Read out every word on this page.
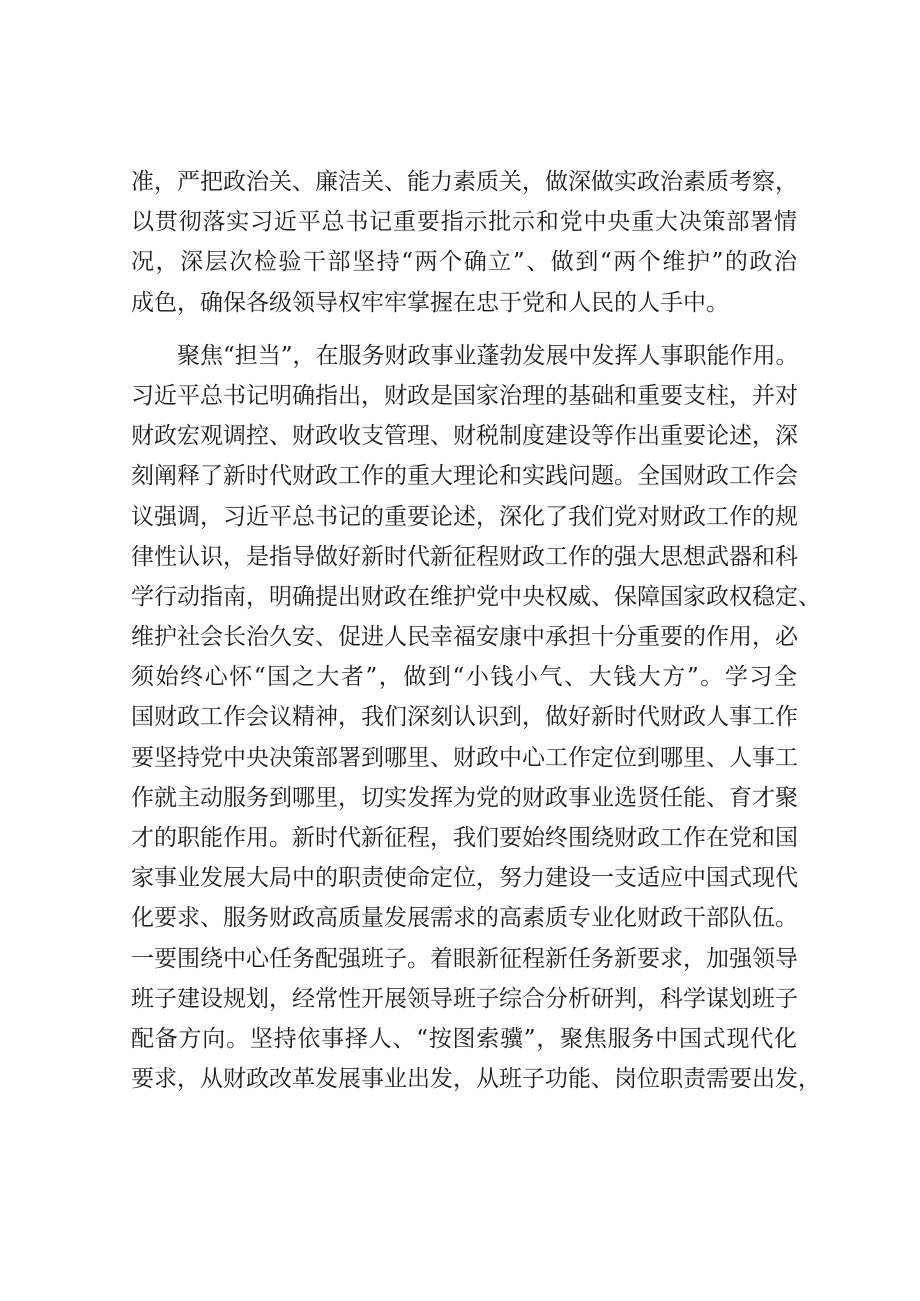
准，严把政治关、廉洁关、能力素质关，做深做实政治素质考察，
以贯彻落实习近平总书记重要指示批示和党中央重大决策部署情
况，深层次检验干部坚持“两个确立”、做到“两个维护”的政治
成色，确保各级领导权牢牢掌握在忠于党和人民的人手中。
聚焦“担当”，在服务财政事业蓬勃发展中发挥人事职能作用。
习近平总书记明确指出，财政是国家治理的基础和重要支柱，并对
财政宏观调控、财政收支管理、财税制度建设等作出重要论述，深
刻阐释了新时代财政工作的重大理论和实践问题。全国财政工作会
议强调，习近平总书记的重要论述，深化了我们党对财政工作的规
律性认识，是指导做好新时代新征程财政工作的强大思想武器和科
学行动指南，明确提出财政在维护党中央权威、保障国家政权稳定、
维护社会长治久安、促进人民幸福安康中承担十分重要的作用，必
须始终心怀“国之大者”，做到“小钱小气、大钱大方”。学习全
国财政工作会议精神，我们深刻认识到，做好新时代财政人事工作
要坚持党中央决策部署到哪里、财政中心工作定位到哪里、人事工
作就主动服务到哪里，切实发挥为党的财政事业选贤任能、育才聚
才的职能作用。新时代新征程，我们要始终围绕财政工作在党和国
家事业发展大局中的职责使命定位，努力建设一支适应中国式现代
化要求、服务财政高质量发展需求的高素质专业化财政干部队伍。
一要围绕中心任务配强班子。着眼新征程新任务新要求，加强领导
班子建设规划，经常性开展领导班子综合分析研判，科学谋划班子
配备方向。坚持依事择人、“按图索骥”，聚焦服务中国式现代化
要求，从财政改革发展事业出发，从班子功能、岗位职责需要出发，
